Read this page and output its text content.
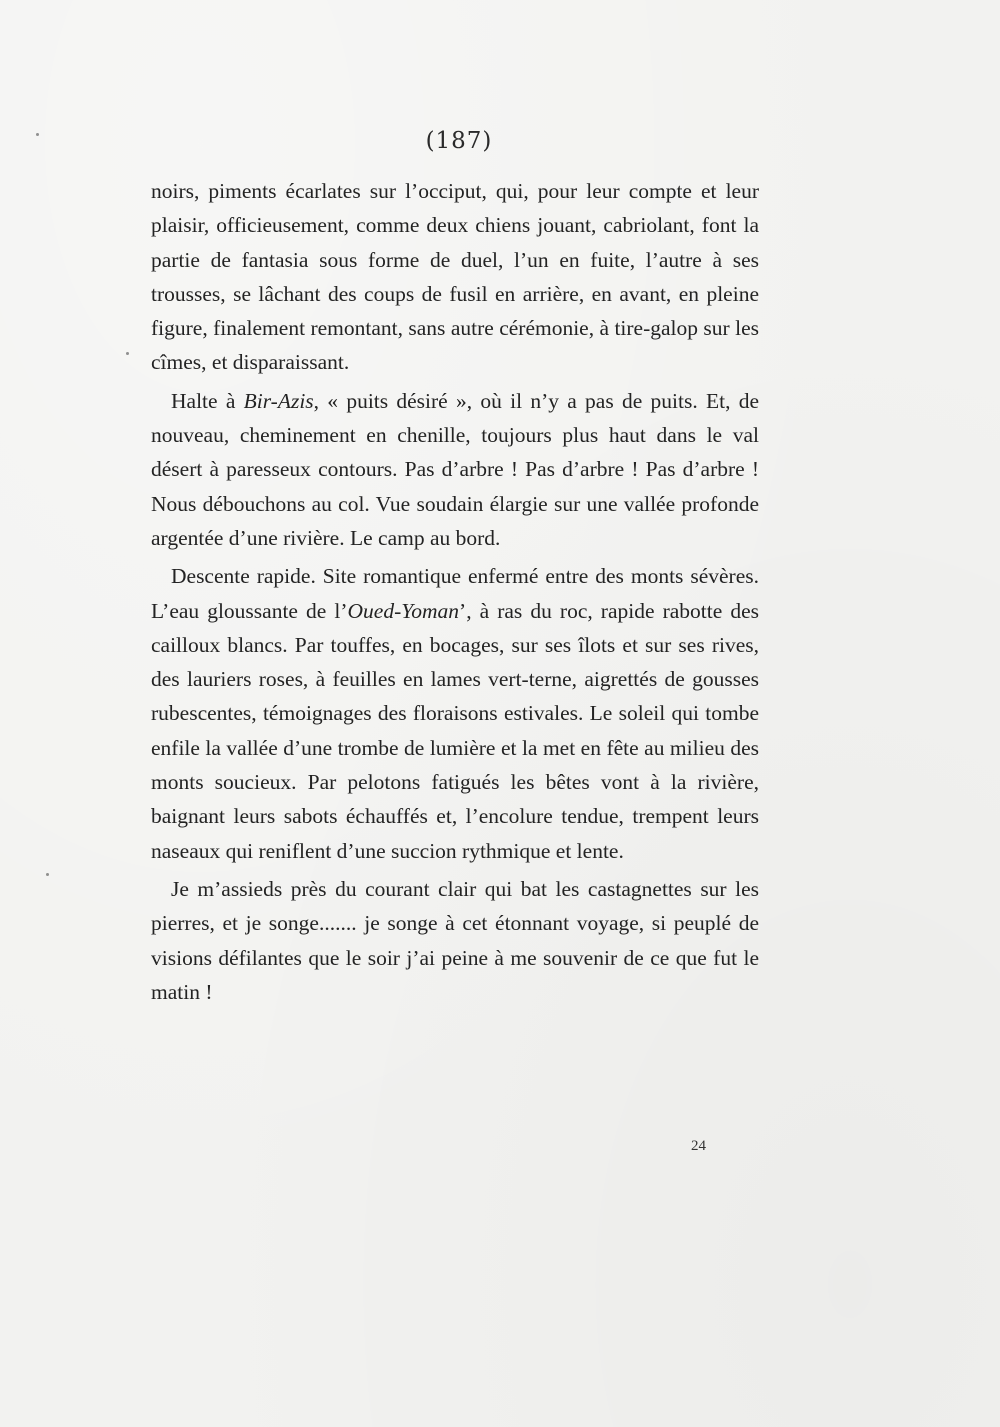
(187)

noirs, piments écarlates sur l’occiput, qui, pour leur compte et leur plaisir, officieusement, comme deux chiens jouant, cabriolant, font la partie de fantasia sous forme de duel, l’un en fuite, l’autre à ses trousses, se lâchant des coups de fusil en arrière, en avant, en pleine figure, finalement remontant, sans autre cérémonie, à tire-galop sur les cîmes, et disparaissant.

Halte à Bir-Azis, « puits désiré », où il n’y a pas de puits. Et, de nouveau, cheminement en chenille, toujours plus haut dans le val désert à paresseux contours. Pas d’arbre ! Pas d’arbre ! Pas d’arbre ! Nous débouchons au col. Vue soudain élargie sur une vallée profonde argentée d’une rivière. Le camp au bord.

Descente rapide. Site romantique enfermé entre des monts sévères. L’eau gloussante de l’Oued-Yoman’, à ras du roc, rapide rabotte des cailloux blancs. Par touffes, en bocages, sur ses îlots et sur ses rives, des lauriers roses, à feuilles en lames vert-terne, aigrettés de gousses rubescentes, témoignages des floraisons estivales. Le soleil qui tombe enfile la vallée d’une trombe de lumière et la met en fête au milieu des monts soucieux. Par pelotons fatigués les bêtes vont à la rivière, baignant leurs sabots échauffés et, l’encolure tendue, trempent leurs naseaux qui reniflent d’une succion rythmique et lente.

Je m’assieds près du courant clair qui bat les castagnettes sur les pierres, et je songe....... je songe à cet étonnant voyage, si peuplé de visions défilantes que le soir j’ai peine à me souvenir de ce que fut le matin !

24
